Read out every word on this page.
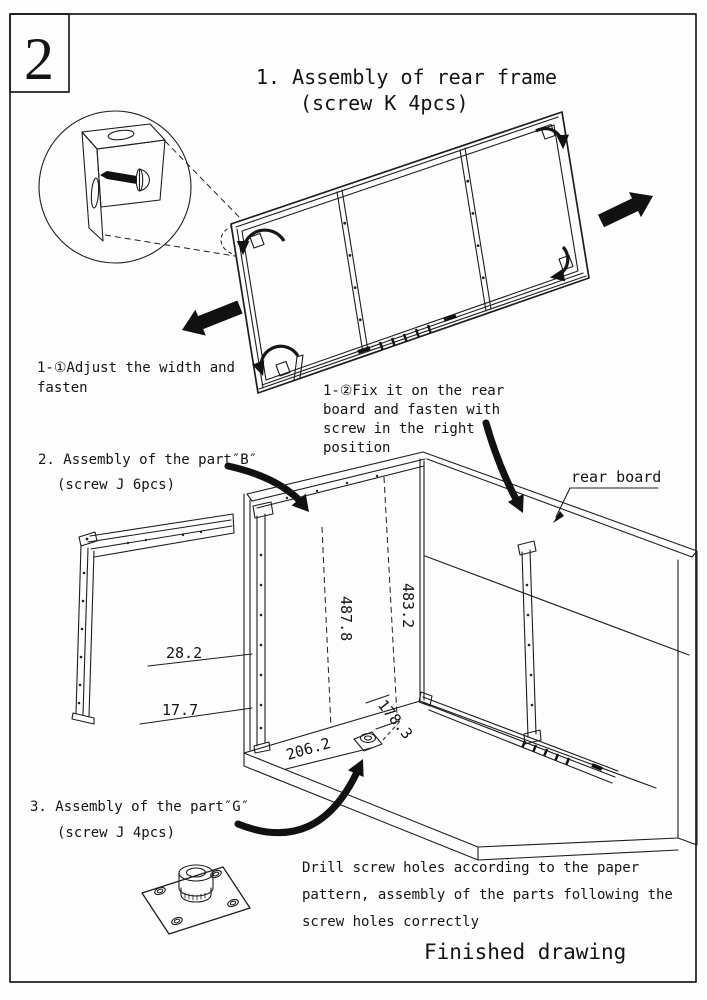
2	1. Assembly of rear frame
(screw K 4pcs)
1-①Adjust the width and
fasten	1-②Fix it on the rear
board and fasten with
screw in the right
position
2. Assembly of the part″B″
(screw J 6pcs)
28.2
17.7
487.8	483.2
178.3
206.2
rear board
3. Assembly of the part″G″
(screw J 4pcs)
Drill screw holes according to the paper
pattern, assembly of the parts following the
screw holes correctly
Finished drawing
